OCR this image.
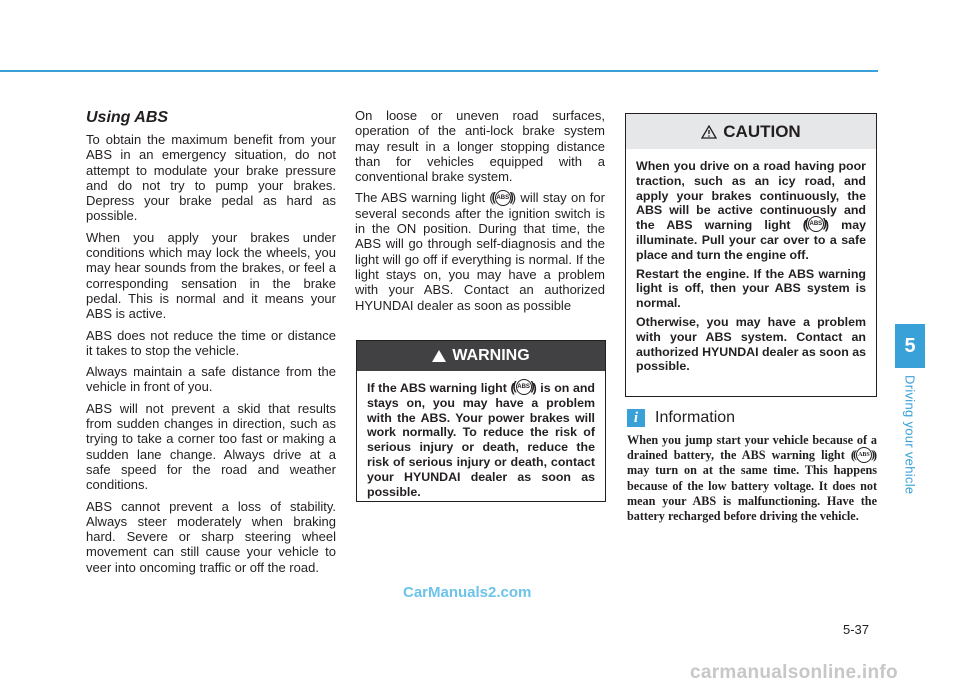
Using ABS

To obtain the maximum benefit from your ABS in an emergency situation, do not attempt to modulate your brake pressure and do not try to pump your brakes. Depress your brake pedal as hard as possible.

When you apply your brakes under conditions which may lock the wheels, you may hear sounds from the brakes, or feel a corresponding sensation in the brake pedal. This is normal and it means your ABS is active.

ABS does not reduce the time or distance it takes to stop the vehicle.

Always maintain a safe distance from the vehicle in front of you.

ABS will not prevent a skid that results from sudden changes in direction, such as trying to take a corner too fast or making a sudden lane change. Always drive at a safe speed for the road and weather conditions.

ABS cannot prevent a loss of stability. Always steer moderately when braking hard. Severe or sharp steering wheel movement can still cause your vehicle to veer into oncoming traffic or off the road.

On loose or uneven road surfaces, operation of the anti-lock brake system may result in a longer stopping distance than for vehicles equipped with a conventional brake system.

The ABS warning light ( ( ABS ) ) will stay on for several seconds after the ignition switch is in the ON position. During that time, the ABS will go through self-diagnosis and the light will go off if everything is normal. If the light stays on, you may have a problem with your ABS. Contact an authorized HYUNDAI dealer as soon as possible

WARNING

If the ABS warning light ( ( ABS ) ) is on and stays on, you may have a problem with the ABS. Your power brakes will work normally. To reduce the risk of serious injury or death, reduce the risk of serious injury or death, contact your HYUNDAI dealer as soon as possible.

CAUTION

When you drive on a road having poor traction, such as an icy road, and apply your brakes continuously, the ABS will be active continuously and the ABS warning light ( ( ABS ) ) may illuminate. Pull your car over to a safe place and turn the engine off.

Restart the engine. If the ABS warning light is off, then your ABS system is normal.

Otherwise, you may have a problem with your ABS system. Contact an authorized HYUNDAI dealer as soon as possible.

i	Information
When you jump start your vehicle because of a drained battery, the ABS warning light ( ( ABS ) ) may turn on at the same time. This happens because of the low battery voltage. It does not mean your ABS is malfunctioning. Have the battery recharged before driving the vehicle.
5
Driving your vehicle
5-37
CarManuals2.com
carmanualsonline.info
